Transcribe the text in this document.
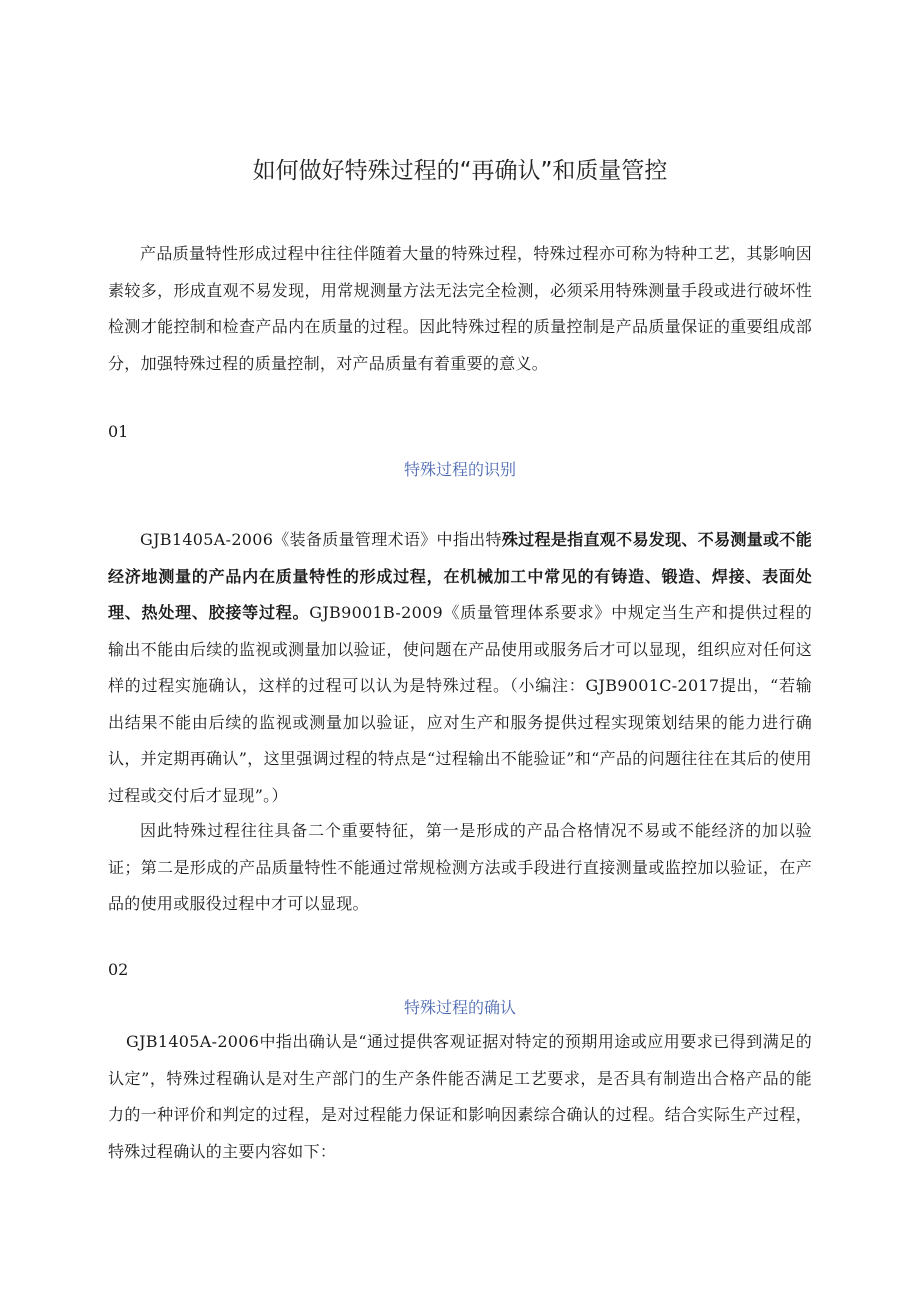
如何做好特殊过程的“再确认”和质量管控

产品质量特性形成过程中往往伴随着大量的特殊过程，特殊过程亦可称为特种工艺，其影响因素较多，形成直观不易发现，用常规测量方法无法完全检测，必须采用特殊测量手段或进行破坏性检测才能控制和检查产品内在质量的过程。因此特殊过程的质量控制是产品质量保证的重要组成部分，加强特殊过程的质量控制，对产品质量有着重要的意义。

01

特殊过程的识别

GJB1405A-2006《装备质量管理术语》中指出特殊过程是指直观不易发现、不易测量或不能经济地测量的产品内在质量特性的形成过程，在机械加工中常见的有铸造、锻造、焊接、表面处理、热处理、胶接等过程。GJB9001B-2009《质量管理体系要求》中规定当生产和提供过程的输出不能由后续的监视或测量加以验证，使问题在产品使用或服务后才可以显现，组织应对任何这样的过程实施确认，这样的过程可以认为是特殊过程。（小编注：GJB9001C-2017提出，“若输出结果不能由后续的监视或测量加以验证，应对生产和服务提供过程实现策划结果的能力进行确认，并定期再确认”，这里强调过程的特点是“过程输出不能验证”和“产品的问题往往在其后的使用过程或交付后才显现”。）

因此特殊过程往往具备二个重要特征，第一是形成的产品合格情况不易或不能经济的加以验证；第二是形成的产品质量特性不能通过常规检测方法或手段进行直接测量或监控加以验证，在产品的使用或服役过程中才可以显现。

02

特殊过程的确认

GJB1405A-2006中指出确认是“通过提供客观证据对特定的预期用途或应用要求已得到满足的认定”，特殊过程确认是对生产部门的生产条件能否满足工艺要求，是否具有制造出合格产品的能力的一种评价和判定的过程，是对过程能力保证和影响因素综合确认的过程。结合实际生产过程，特殊过程确认的主要内容如下：
